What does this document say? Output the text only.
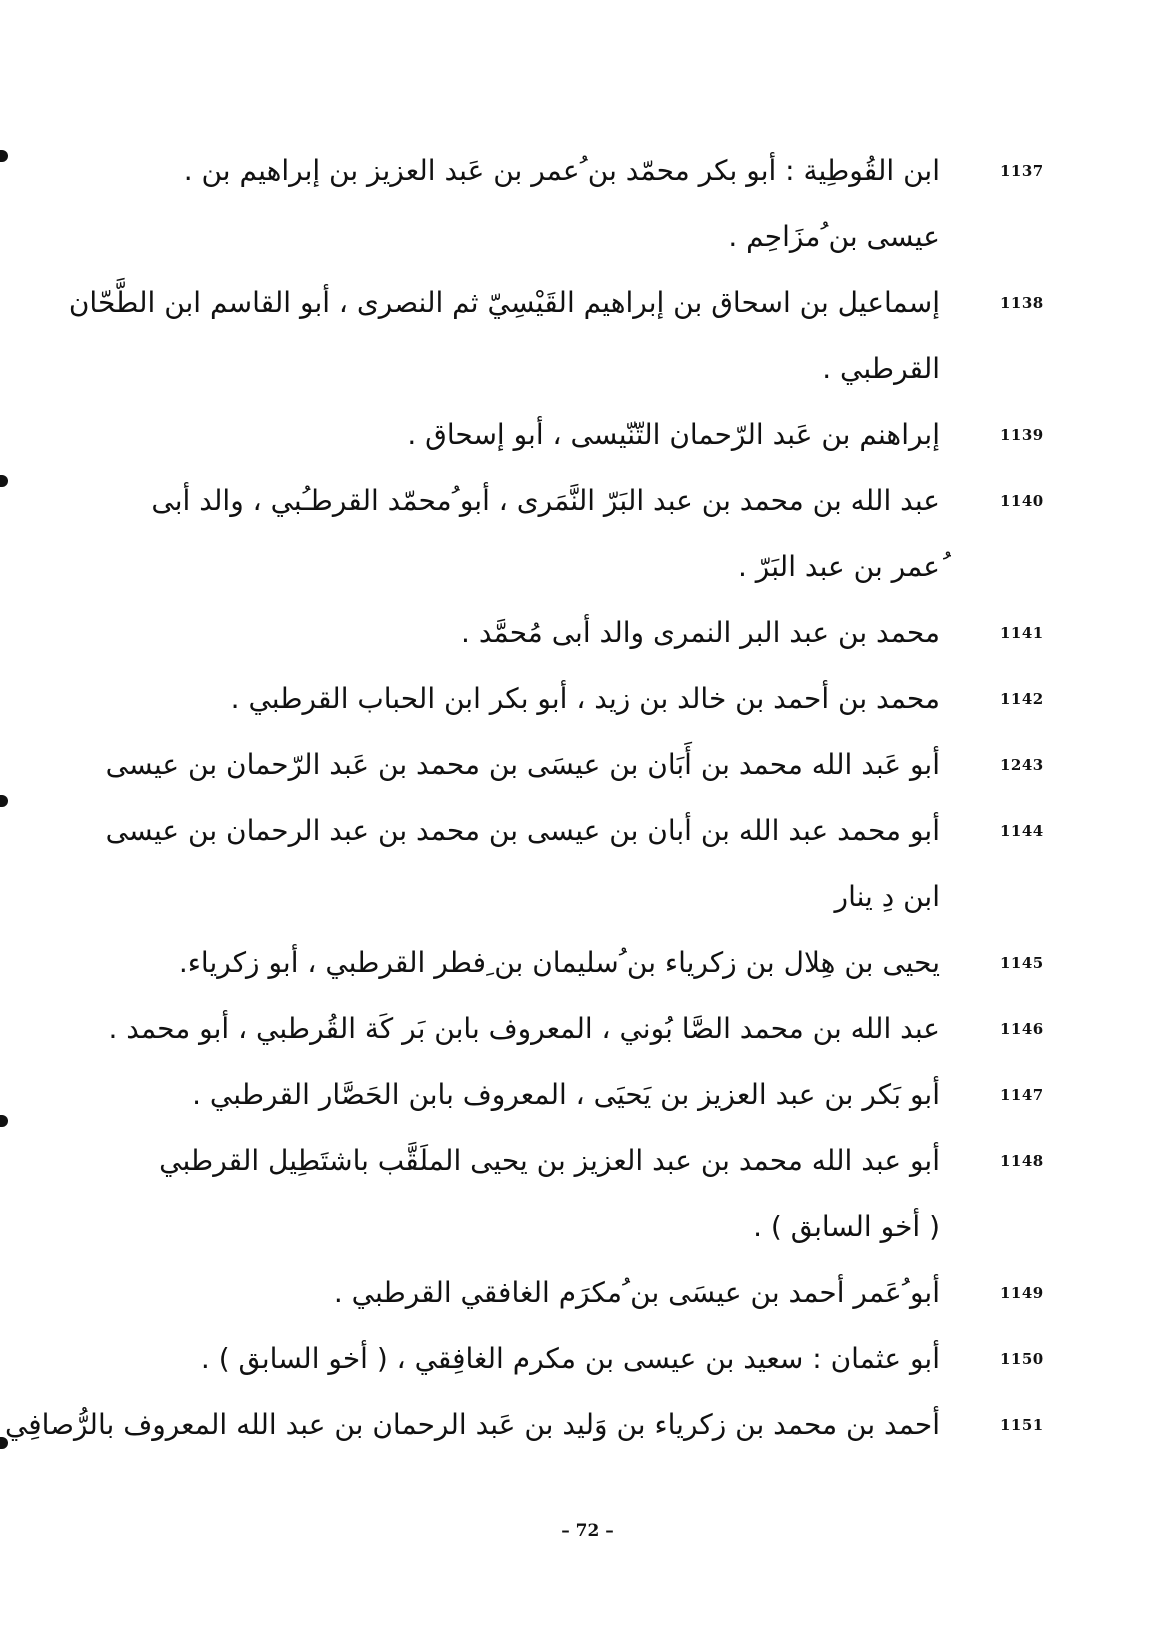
ابن القُوطِية : أبو بكر محمّد بن ُعمر بن عَبد العزيز بن إبراهيم بن .
عيسى بن ُمزَاحِم .
1137
إسماعيل بن اسحاق بن إبراهيم القَيْسِيّ ثم النصرى ، أبو القاسم ابن الطَّحّان
القرطبي .
1138
إبراهنم بن عَبد الرّحمان التّنّيسى ، أبو إسحاق .	1139
عبد الله بن محمد بن عبد البَرّ النَّمَرى ، أبو ُمحمّد القرطـُبي ، والد أبى
ُعمر بن عبد البَرّ .
1140
محمد بن عبد البر النمرى والد أبى مُحمَّد .	1141
محمد بن أحمد بن خالد بن زيد ، أبو بكر ابن الحباب القرطبي .	1142
أبو عَبد الله محمد بن أَبَان بن عيسَى بن محمد بن عَبد الرّحمان بن عيسى	1243
أبو محمد عبد الله بن أبان بن عيسى بن محمد بن عبد الرحمان بن عيسى
ابن دِ ينار
1144
يحيى بن هِلال بن زكرياء بن ُسليمان بن ِفطر القرطبي ، أبو زكرياء.	1145
عبد الله بن محمد الصَّا بُوني ، المعروف بابن بَر كَة القُرطبي ، أبو محمد .	1146
أبو بَكر بن عبد العزيز بن يَحيَى ، المعروف بابن الحَصَّار القرطبي .	1147
أبو عبد الله محمد بن عبد العزيز بن يحيى الملَقَّب باشتَطِيل القرطبي
( أخو السابق ) .
1148
أبو ُعَمر أحمد بن عيسَى بن ُمكرَم الغافقي القرطبي .	1149
أبو عثمان : سعيد بن عيسى بن مكرم الغافِقي ، ( أخو السابق ) .	1150
أحمد بن محمد بن زكرياء بن وَليد بن عَبد الرحمان بن عبد الله المعروف بالرُّصافِي	1151
– 72 –
